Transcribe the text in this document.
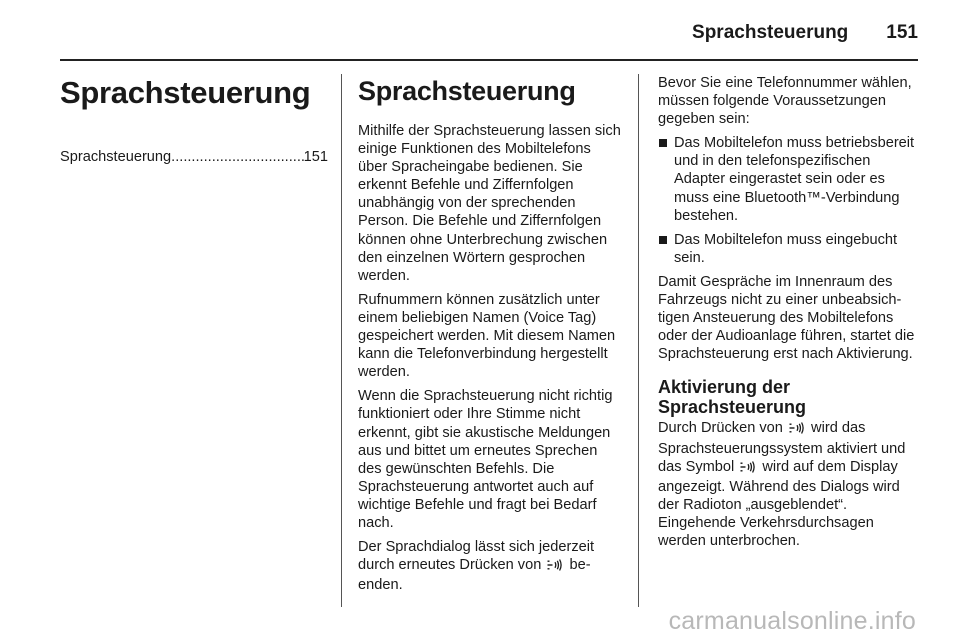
Sprachsteuerung 151
Sprachsteuerung
Sprachsteuerung
.....	151
Sprachsteuerung

Mithilfe der Sprachsteuerung lassen sich einige Funktionen des Mobiltelefons über Spracheingabe bedienen. Sie erkennt Befehle und Ziffernfolgen unabhängig von der sprechenden Person. Die Befehle und Ziffernfolgen können ohne Unterbrechung zwischen den einzelnen Wörtern gesprochen werden.

Rufnummern können zusätzlich unter einem beliebigen Namen (Voice Tag) gespeichert werden. Mit diesem Namen kann die Telefonverbindung hergestellt werden.

Wenn die Sprachsteuerung nicht richtig funktioniert oder Ihre Stimme nicht erkennt, gibt sie akustische Meldungen aus und bittet um erneutes Sprechen des gewünschten Befehls. Die Sprachsteuerung antwortet auch auf wichtige Befehle und fragt bei Bedarf nach.

Der Sprachdialog lässt sich jederzeit durch erneutes Drücken von beenden.

Bevor Sie eine Telefonnummer wählen, müssen folgende Voraussetzungen gegeben sein:

Das Mobiltelefon muss betriebsbereit und in den telefonspezifischen Adapter eingerastet sein oder es muss eine Bluetooth™-Verbindung bestehen.
Das Mobiltelefon muss eingebucht sein.

Damit Gespräche im Innenraum des Fahrzeugs nicht zu einer unbeabsichtigen Ansteuerung des Mobiltelefons oder der Audioanlage führen, startet die Sprachsteuerung erst nach Aktivierung.

Aktivierung der Sprachsteuerung

Durch Drücken von wird das Sprachsteuerungssystem aktiviert und das Symbol wird auf dem Display angezeigt. Während des Dialogs wird der Radioton „ausgeblendet“. Eingehende Verkehrsdurchsagen werden unterbrochen.

carmanualsonline.info
